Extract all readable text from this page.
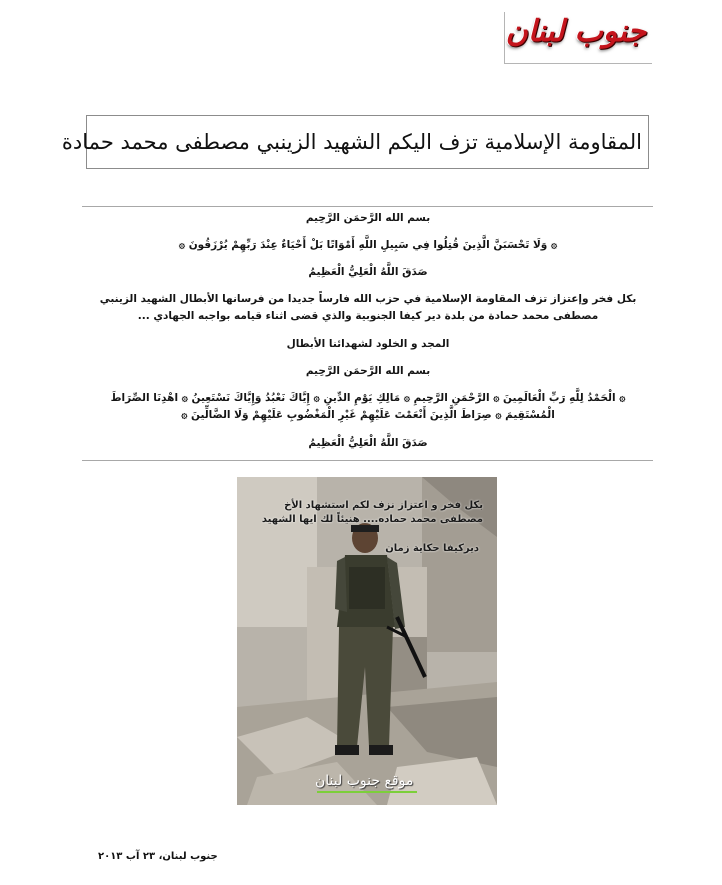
جنوب لبنان
المقاومة الإسلامية تزف اليكم الشهيد الزينبي مصطفى محمد حمادة

بسم الله الرَّحمَن الرَّحِيم

۞ وَلَا تَحْسَبَنَّ الَّذِينَ قُتِلُوا فِي سَبِيلِ اللَّهِ أَمْوَاتًا بَلْ أَحْيَاءٌ عِنْدَ رَبِّهِمْ يُرْزَقُونَ ۞

صَدَقَ اللَّهُ الْعَلِيُّ الْعَظِيمُ

بكل فخر وإعتزاز تزف المقاومة الإسلامية في حزب الله فارساً جديدا من فرسانها الأبطال الشهيد الزينبي مصطفى محمد حمادة من بلدة دير كيفا الجنوبية والذي قضى اثناء قيامه بواجبه الجهادي ...

المجد و الخلود لشهدائنا الأبطال

بسم الله الرَّحمَن الرَّحِيم

۞ الْحَمْدُ لِلَّهِ رَبِّ الْعَالَمِينَ ۞ الرَّحْمَنِ الرَّحِيمِ ۞ مَالِكِ يَوْمِ الدِّينِ ۞ إِيَّاكَ نَعْبُدُ وَإِيَّاكَ نَسْتَعِينُ ۞ اهْدِنَا الصِّرَاطَ الْمُسْتَقِيمَ ۞ صِرَاطَ الَّذِينَ أَنْعَمْتَ عَلَيْهِمْ غَيْرِ الْمَغْضُوبِ عَلَيْهِمْ وَلَا الضَّالِّينَ ۞

صَدَقَ اللَّهُ الْعَلِيُّ الْعَظِيمُ

بكل فخر و اعتزاز نزف لكم استشهاد الأخ مصطفى محمد حماده.... هنيئاً لك ايها الشهيد
ديركيفا حكاية زمان
موقع جنوب لبنان
جنوب لبنان، ٢٣ آب ٢٠١٣
